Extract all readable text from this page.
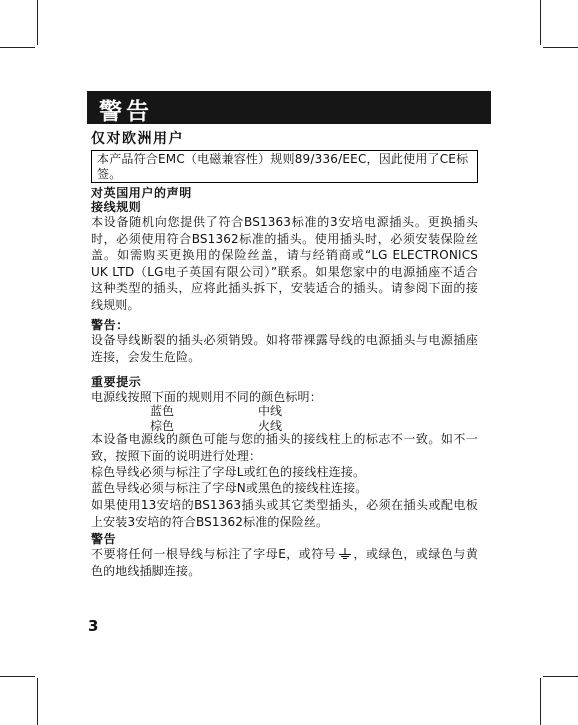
警告
仅对欧洲用户
本产品符合EMC（电磁兼容性）规则89/336/EEC，因此使用了CE标签。
对英国用户的声明
接线规则
本设备随机向您提供了符合BS1363标准的3安培电源插头。更换插头时，必须使用符合BS1362标准的插头。使用插头时，必须安装保险丝盖。如需购买更换用的保险丝盖，请与经销商或“LG ELECTRONICS UK LTD（LG电子英国有限公司）”联系。如果您家中的电源插座不适合这种类型的插头，应将此插头拆下，安装适合的插头。请参阅下面的接线规则。
警告：
设备导线断裂的插头必须销毁。如将带裸露导线的电源插头与电源插座连接，会发生危险。
重要提示
电源线按照下面的规则用不同的颜色标明：
蓝色	中线
棕色	火线
本设备电源线的颜色可能与您的插头的接线柱上的标志不一致。如不一致，按照下面的说明进行处理：
棕色导线必须与标注了字母L或红色的接线柱连接。
蓝色导线必须与标注了字母N或黑色的接线柱连接。
如果使用13安培的BS1363插头或其它类型插头，必须在插头或配电板上安装3安培的符合BS1362标准的保险丝。
警告
不要将任何一根导线与标注了字母E，或符号 ，或绿色，或绿色与黄色的地线插脚连接。
3
